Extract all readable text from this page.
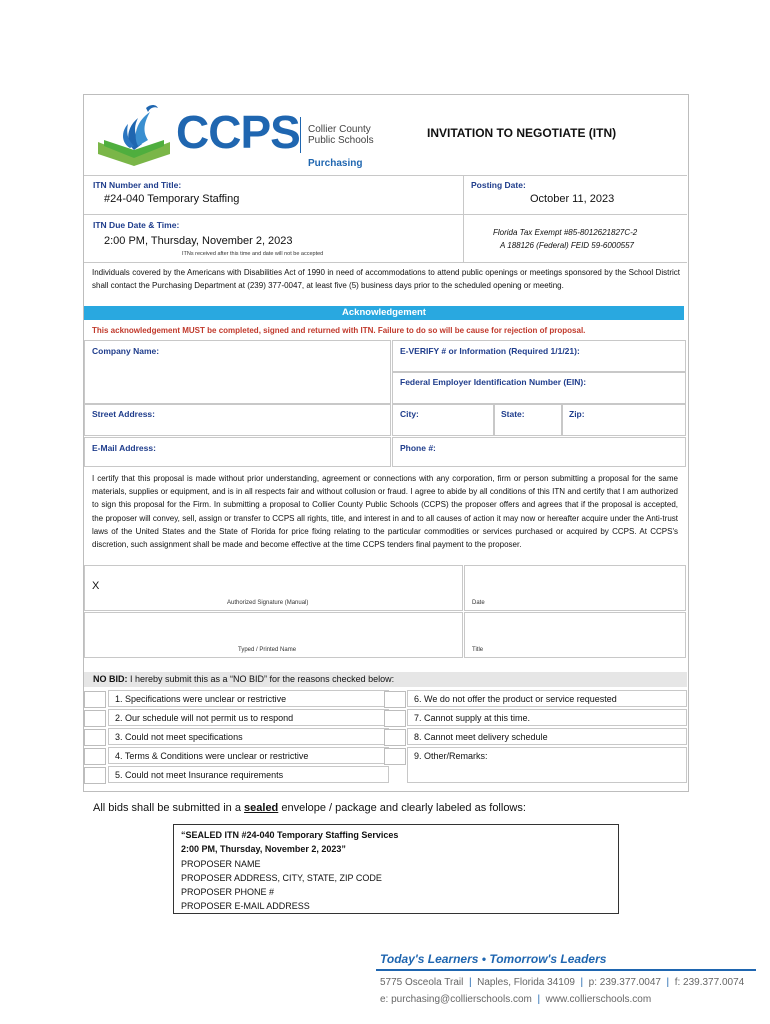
CCPS Collier County
Public Schools
Purchasing
INVITATION TO NEGOTIATE (ITN)
ITN Number and Title:
#24-040 Temporary Staffing
Posting Date:
October 11, 2023
ITN Due Date & Time:
2:00 PM, Thursday, November 2, 2023
ITNs received after this time and date will not be accepted
Florida Tax Exempt #85-8012621827C-2
A 188126 (Federal) FEID 59-6000557
Individuals covered by the Americans with Disabilities Act of 1990 in need of accommodations to attend public openings or meetings sponsored by the School District shall contact the Purchasing Department at (239) 377-0047, at least five (5) business days prior to the scheduled opening or meeting.
Acknowledgement
This acknowledgement MUST be completed, signed and returned with ITN. Failure to do so will be cause for rejection of proposal.
Company Name:	E-VERIFY # or Information (Required 1/1/21):
Federal Employer Identification Number (EIN):
Street Address:	City:	State:	Zip:
E-Mail Address:	Phone #:
I certify that this proposal is made without prior understanding, agreement or connections with any corporation, firm or person submitting a proposal for the same materials, supplies or equipment, and is in all respects fair and without collusion or fraud. I agree to abide by all conditions of this ITN and certify that I am authorized to sign this proposal for the Firm. In submitting a proposal to Collier County Public Schools (CCPS) the proposer offers and agrees that if the proposal is accepted, the proposer will convey, sell, assign or transfer to CCPS all rights, title, and interest in and to all causes of action it may now or hereafter acquire under the Anti-trust laws of the United States and the State of Florida for price fixing relating to the particular commodities or services purchased or acquired by CCPS. At CCPS's discretion, such assignment shall be made and become effective at the time CCPS tenders final payment to the proposer.
X
Authorized Signature (Manual)	Date
Typed / Printed Name	Title
NO BID: I hereby submit this as a “NO BID” for the reasons checked below:
1. Specifications were unclear or restrictive
2. Our schedule will not permit us to respond
3. Could not meet specifications
4. Terms & Conditions were unclear or restrictive
5. Could not meet Insurance requirements
6. We do not offer the product or service requested
7. Cannot supply at this time.
8. Cannot meet delivery schedule
9. Other/Remarks:
All bids shall be submitted in a sealed envelope / package and clearly labeled as follows:
“SEALED ITN #24-040 Temporary Staffing Services
2:00 PM, Thursday, November 2, 2023”
PROPOSER NAME
PROPOSER ADDRESS, CITY, STATE, ZIP CODE
PROPOSER PHONE #
PROPOSER E-MAIL ADDRESS
Today's Learners • Tomorrow's Leaders
5775 Osceola Trail  |  Naples, Florida 34109  |  p: 239.377.0047  |  f: 239.377.0074
e: purchasing@collierschools.com  |  www.collierschools.com
